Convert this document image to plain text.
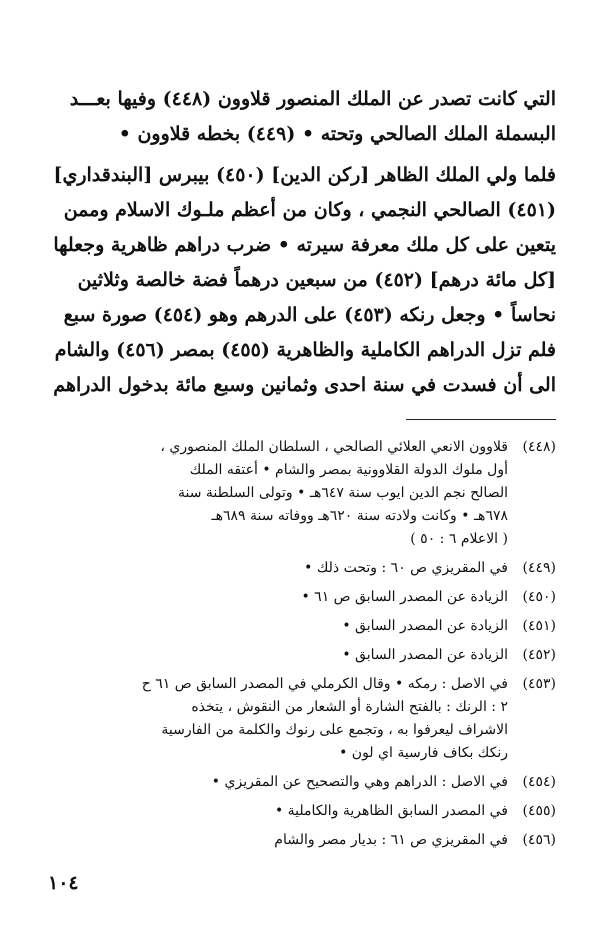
التي كانت تصدر عن الملك المنصور قلاوون (٤٤٨) وفيها بعـــد
البسملة الملك الصالحي وتحته • (٤٤٩) بخطه قلاوون •
فلما ولي الملك الظاهر [ركن الدين] (٤٥٠) بيبرس [البندقداري]
(٤٥١) الصالحي النجمي ، وكان من أعظم ملـوك الاسلام وممن
يتعين على كل ملك معرفة سيرته • ضرب دراهم ظاهرية وجعلها
[كل مائة درهم] (٤٥٢) من سبعين درهماً فضة خالصة وثلاثين
نحاساً • وجعل رنكه (٤٥٣) على الدرهم وهو (٤٥٤) صورة سبع
فلم تزل الدراهم الكاملية والظاهرية (٤٥٥) بمصر (٤٥٦) والشام
الى أن فسدت في سنة احدى وثمانين وسبع مائة بدخول الدراهم
(٤٤٨)
قلاوون الانعي العلائي الصالحي ، السلطان الملك المنصوري ،
أول ملوك الدولة القلاوونية بمصر والشام • أعتقه الملك
الصالح نجم الدين ايوب سنة ٦٤٧هـ • وتولى السلطنة سنة
٦٧٨هـ • وكانت ولادته سنة ٦٢٠هـ ووفاته سنة ٦٨٩هـ
( الاعلام ٦ : ٥٠ )
(٤٤٩)
في المقريزي ص ٦٠ : وتحت ذلك •
(٤٥٠)
الزيادة عن المصدر السابق ص ٦١ •
(٤٥١)
الزيادة عن المصدر السابق •
(٤٥٢)
الزيادة عن المصدر السابق •
(٤٥٣)
في الاصل : رمكه • وقال الكرملي في المصدر السابق ص ٦١ ح
٢ : الرنك : بالفتح الشارة أو الشعار من النقوش ، يتخذه
الاشراف ليعرفوا به ، وتجمع على رنوك والكلمة من الفارسية
رنكك بكاف فارسية اي لون •
(٤٥٤)
في الاصل : الدراهم وهي والتصحيح عن المقريزي •
(٤٥٥)
في المصدر السابق الظاهرية والكاملية •
(٤٥٦)
في المقريزي ص ٦١ : بديار مصر والشام
١٠٤
